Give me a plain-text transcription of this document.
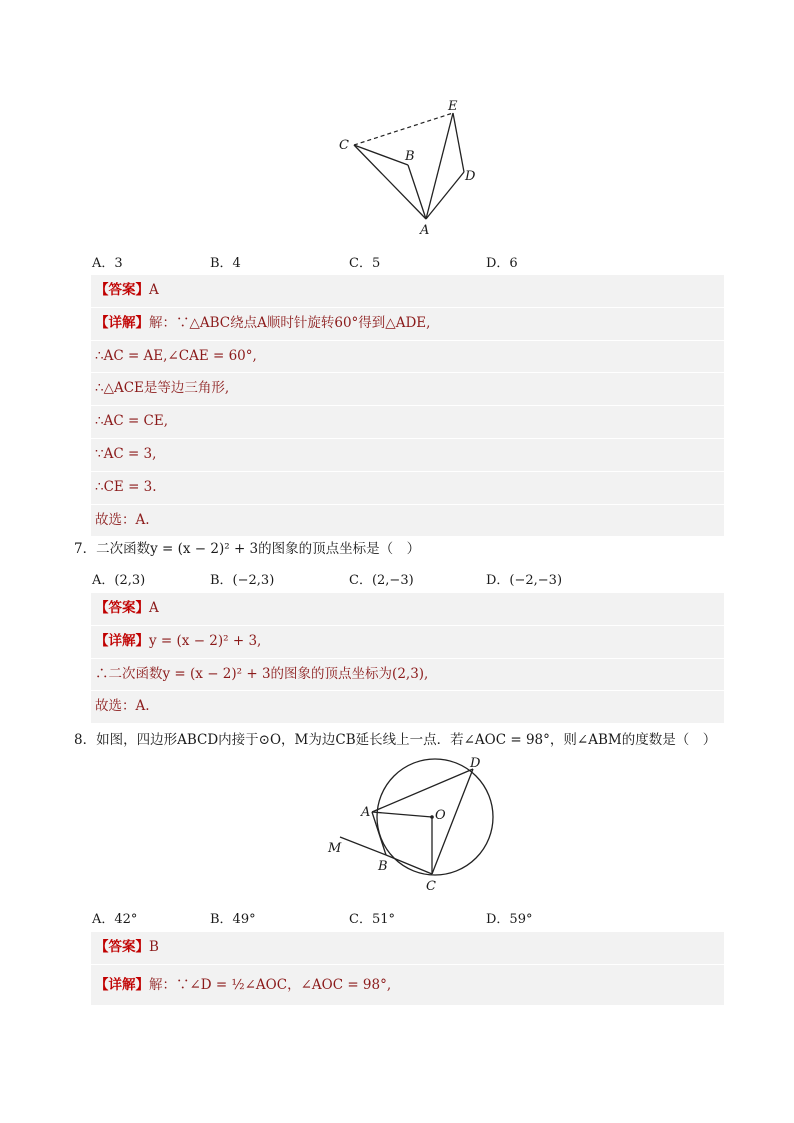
C
B
E
D
A
A．3	B．4	C．5	D．6
【答案】A
【详解】解：∵△ABC绕点A顺时针旋转60°得到△ADE,
∴AC = AE,∠CAE = 60°,
∴△ACE是等边三角形,
∴AC = CE,
∵AC = 3,
∴CE = 3.
故选：A.
7．二次函数y = (x − 2)² + 3的图象的顶点坐标是（　）
A．(2,3)	B．(−2,3)	C．(2,−3)	D．(−2,−3)
【答案】A
【详解】y = (x − 2)² + 3,
∴二次函数y = (x − 2)² + 3的图象的顶点坐标为(2,3),
故选：A.
8．如图，四边形ABCD内接于⊙O，M为边CB延长线上一点．若∠AOC = 98°，则∠ABM的度数是（　）
D
A	O
M
B
C
A．42°	B．49°	C．51°	D．59°
【答案】B
【详解】解：∵∠D = ½∠AOC，∠AOC = 98°,
